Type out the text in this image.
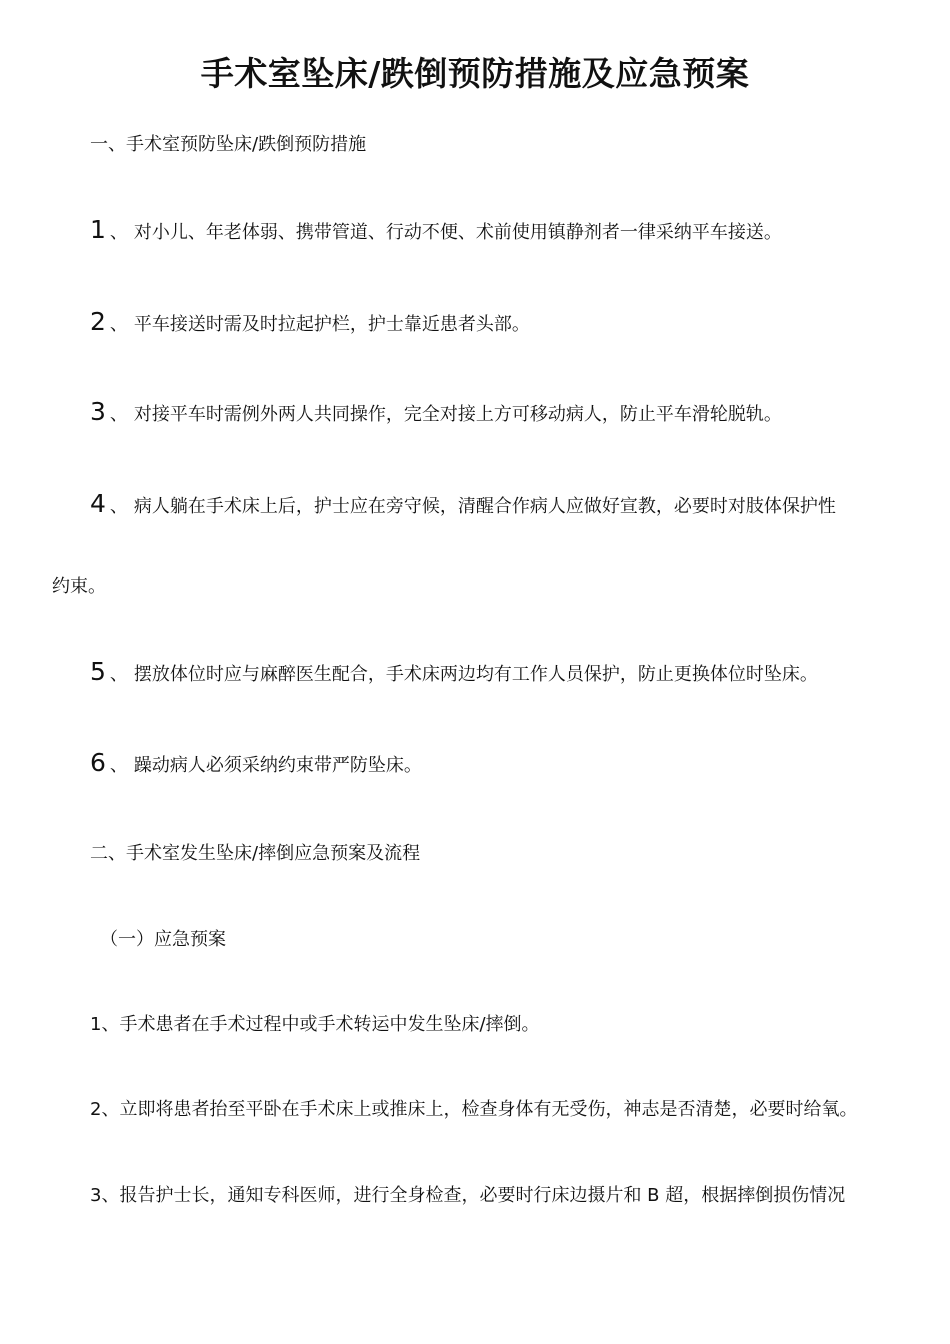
手术室坠床/跌倒预防措施及应急预案
一、手术室预防坠床/跌倒预防措施
1 、 对小儿、年老体弱、携带管道、行动不便、术前使用镇静剂者一律采纳平车接送。
2 、 平车接送时需及时拉起护栏，护士靠近患者头部。
3 、 对接平车时需例外两人共同操作，完全对接上方可移动病人，防止平车滑轮脱轨。
4 、 病人躺在手术床上后，护士应在旁守候，清醒合作病人应做好宣教，必要时对肢体保护性
约束。
5 、 摆放体位时应与麻醉医生配合，手术床两边均有工作人员保护，防止更换体位时坠床。
6 、 躁动病人必须采纳约束带严防坠床。
二、手术室发生坠床/摔倒应急预案及流程
（一）应急预案
1、手术患者在手术过程中或手术转运中发生坠床/摔倒。
2、立即将患者抬至平卧在手术床上或推床上，检查身体有无受伤，神志是否清楚，必要时给氧。
3、报告护士长，通知专科医师，进行全身检查，必要时行床边摄片和 B 超，根据摔倒损伤情况
